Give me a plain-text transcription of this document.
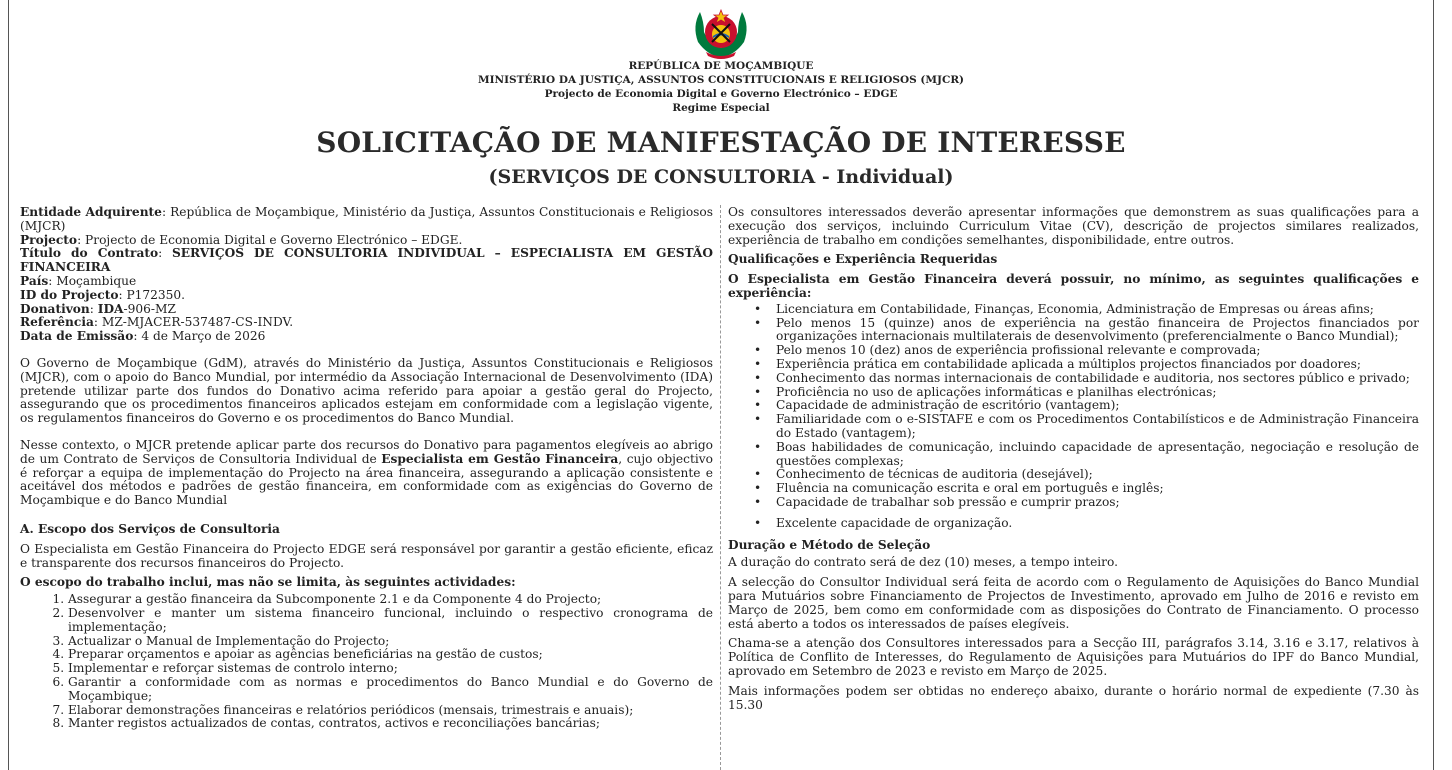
REPÚBLICA DE MOÇAMBIQUE
MINISTÉRIO DA JUSTIÇA, ASSUNTOS CONSTITUCIONAIS E RELIGIOSOS (MJCR)
Projecto de Economia Digital e Governo Electrónico – EDGE
Regime Especial
SOLICITAÇÃO DE MANIFESTAÇÃO DE INTERESSE
(SERVIÇOS DE CONSULTORIA - Individual)
Entidade Adquirente: República de Moçambique, Ministério da Justiça, Assuntos Constitucionais e Religiosos (MJCR)
Projecto: Projecto de Economia Digital e Governo Electrónico – EDGE.
Título do Contrato: SERVIÇOS DE CONSULTORIA INDIVIDUAL – ESPECIALISTA EM GESTÃO FINANCEIRA
País: Moçambique
ID do Projecto: P172350.
Donativon: IDA-906-MZ
Referência: MZ-MJACER-537487-CS-INDV.
Data de Emissão: 4 de Março de 2026

O Governo de Moçambique (GdM), através do Ministério da Justiça, Assuntos Constitucionais e Religiosos (MJCR), com o apoio do Banco Mundial, por intermédio da Associação Internacional de Desenvolvimento (IDA) pretende utilizar parte dos fundos do Donativo acima referido para apoiar a gestão geral do Projecto, assegurando que os procedimentos financeiros aplicados estejam em conformidade com a legislação vigente, os regulamentos financeiros do Governo e os procedimentos do Banco Mundial.

Nesse contexto, o MJCR pretende aplicar parte dos recursos do Donativo para pagamentos elegíveis ao abrigo de um Contrato de Serviços de Consultoria Individual de Especialista em Gestão Financeira, cujo objectivo é reforçar a equipa de implementação do Projecto na área financeira, assegurando a aplicação consistente e aceitável dos métodos e padrões de gestão financeira, em conformidade com as exigências do Governo de Moçambique e do Banco Mundial

A. Escopo dos Serviços de Consultoria

O Especialista em Gestão Financeira do Projecto EDGE será responsável por garantir a gestão eficiente, eficaz e transparente dos recursos financeiros do Projecto.

O escopo do trabalho inclui, mas não se limita, às seguintes actividades:

1. Assegurar a gestão financeira da Subcomponente 2.1 e da Componente 4 do Projecto;
2. Desenvolver e manter um sistema financeiro funcional, incluindo o respectivo cronograma de implementação;
3. Actualizar o Manual de Implementação do Projecto;
4. Preparar orçamentos e apoiar as agências beneficiárias na gestão de custos;
5. Implementar e reforçar sistemas de controlo interno;
6. Garantir a conformidade com as normas e procedimentos do Banco Mundial e do Governo de Moçambique;
7. Elaborar demonstrações financeiras e relatórios periódicos (mensais, trimestrais e anuais);
8. Manter registos actualizados de contas, contratos, activos e reconciliações bancárias;

Os consultores interessados deverão apresentar informações que demonstrem as suas qualificações para a execução dos serviços, incluindo Curriculum Vitae (CV), descrição de projectos similares realizados, experiência de trabalho em condições semelhantes, disponibilidade, entre outros.

Qualificações e Experiência Requeridas

O Especialista em Gestão Financeira deverá possuir, no mínimo, as seguintes qualificações e experiência:

• Licenciatura em Contabilidade, Finanças, Economia, Administração de Empresas ou áreas afins;
• Pelo menos 15 (quinze) anos de experiência na gestão financeira de Projectos financiados por organizações internacionais multilaterais de desenvolvimento (preferencialmente o Banco Mundial);
• Pelo menos 10 (dez) anos de experiência profissional relevante e comprovada;
• Experiência prática em contabilidade aplicada a múltiplos projectos financiados por doadores;
• Conhecimento das normas internacionais de contabilidade e auditoria, nos sectores público e privado;
• Proficiência no uso de aplicações informáticas e planilhas electrónicas;
• Capacidade de administração de escritório (vantagem);
• Familiaridade com o e-SISTAFE e com os Procedimentos Contabilísticos e de Administração Financeira do Estado (vantagem);
• Boas habilidades de comunicação, incluindo capacidade de apresentação, negociação e resolução de questões complexas;
• Conhecimento de técnicas de auditoria (desejável);
• Fluência na comunicação escrita e oral em português e inglês;
• Capacidade de trabalhar sob pressão e cumprir prazos;
• Excelente capacidade de organização.
Duração e Método de Seleção

A duração do contrato será de dez (10) meses, a tempo inteiro.

A selecção do Consultor Individual será feita de acordo com o Regulamento de Aquisições do Banco Mundial para Mutuários sobre Financiamento de Projectos de Investimento, aprovado em Julho de 2016 e revisto em Março de 2025, bem como em conformidade com as disposições do Contrato de Financiamento. O processo está aberto a todos os interessados de países elegíveis.

Chama-se a atenção dos Consultores interessados para a Secção III, parágrafos 3.14, 3.16 e 3.17, relativos à Política de Conflito de Interesses, do Regulamento de Aquisições para Mutuários do IPF do Banco Mundial, aprovado em Setembro de 2023 e revisto em Março de 2025.

Mais informações podem ser obtidas no endereço abaixo, durante o horário normal de expediente (7.30 às 15.30
